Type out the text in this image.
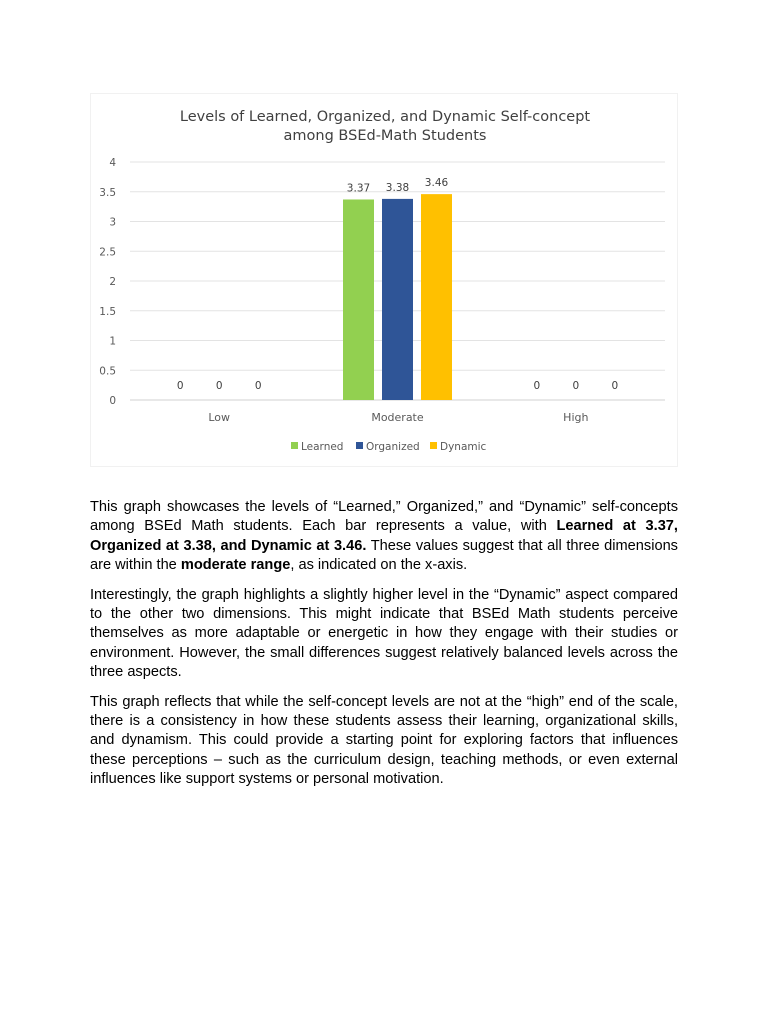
Levels of Learned, Organized, and Dynamic Self-concept
among BSEd-Math Students
0
0.5
1
1.5
2
2.5
3
3.5
4
0	0	0
3.37 3.38 3.46
0	0	0
Low	Moderate	High
Learned Organized Dynamic

This graph showcases the levels of “Learned,” Organized,” and “Dynamic” self-concepts among BSEd Math students. Each bar represents a value, with Learned at 3.37, Organized at 3.38, and Dynamic at 3.46. These values suggest that all three dimensions are within the moderate range, as indicated on the x-axis.

Interestingly, the graph highlights a slightly higher level in the “Dynamic” aspect compared to the other two dimensions. This might indicate that BSEd Math students perceive themselves as more adaptable or energetic in how they engage with their studies or environment. However, the small differences suggest relatively balanced levels across the three aspects.

This graph reflects that while the self-concept levels are not at the “high” end of the scale, there is a consistency in how these students assess their learning, organizational skills, and dynamism. This could provide a starting point for exploring factors that influences these perceptions – such as the curriculum design, teaching methods, or even external influences like support systems or personal motivation.
